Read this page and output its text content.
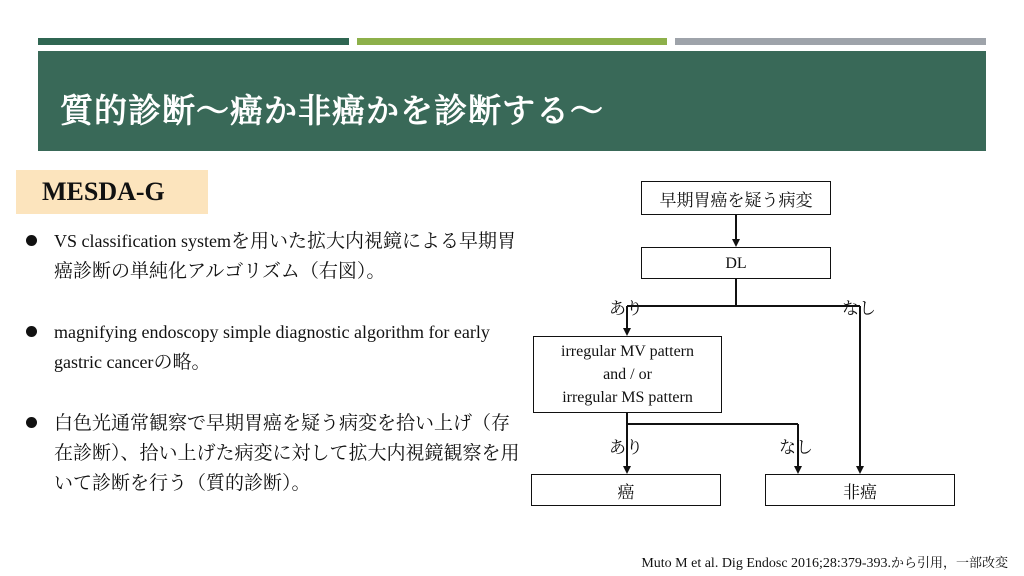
質的診断〜癌か非癌かを診断する〜
MESDA-G
VS classification systemを用いた拡大内視鏡による早期胃癌診断の単純化アルゴリズム（右図）。
magnifying endoscopy simple diagnostic algorithm for early gastric cancerの略。
白色光通常観察で早期胃癌を疑う病変を拾い上げ（存在診断）、拾い上げた病変に対して拡大内視鏡観察を用いて診断を行う（質的診断）。
早期胃癌を疑う病変
DL
あり	なし
irregular MV pattern
and / or
irregular MS pattern
あり	なし
癌	非癌
Muto M et al. Dig Endosc 2016;28:379-393.から引用，一部改変
